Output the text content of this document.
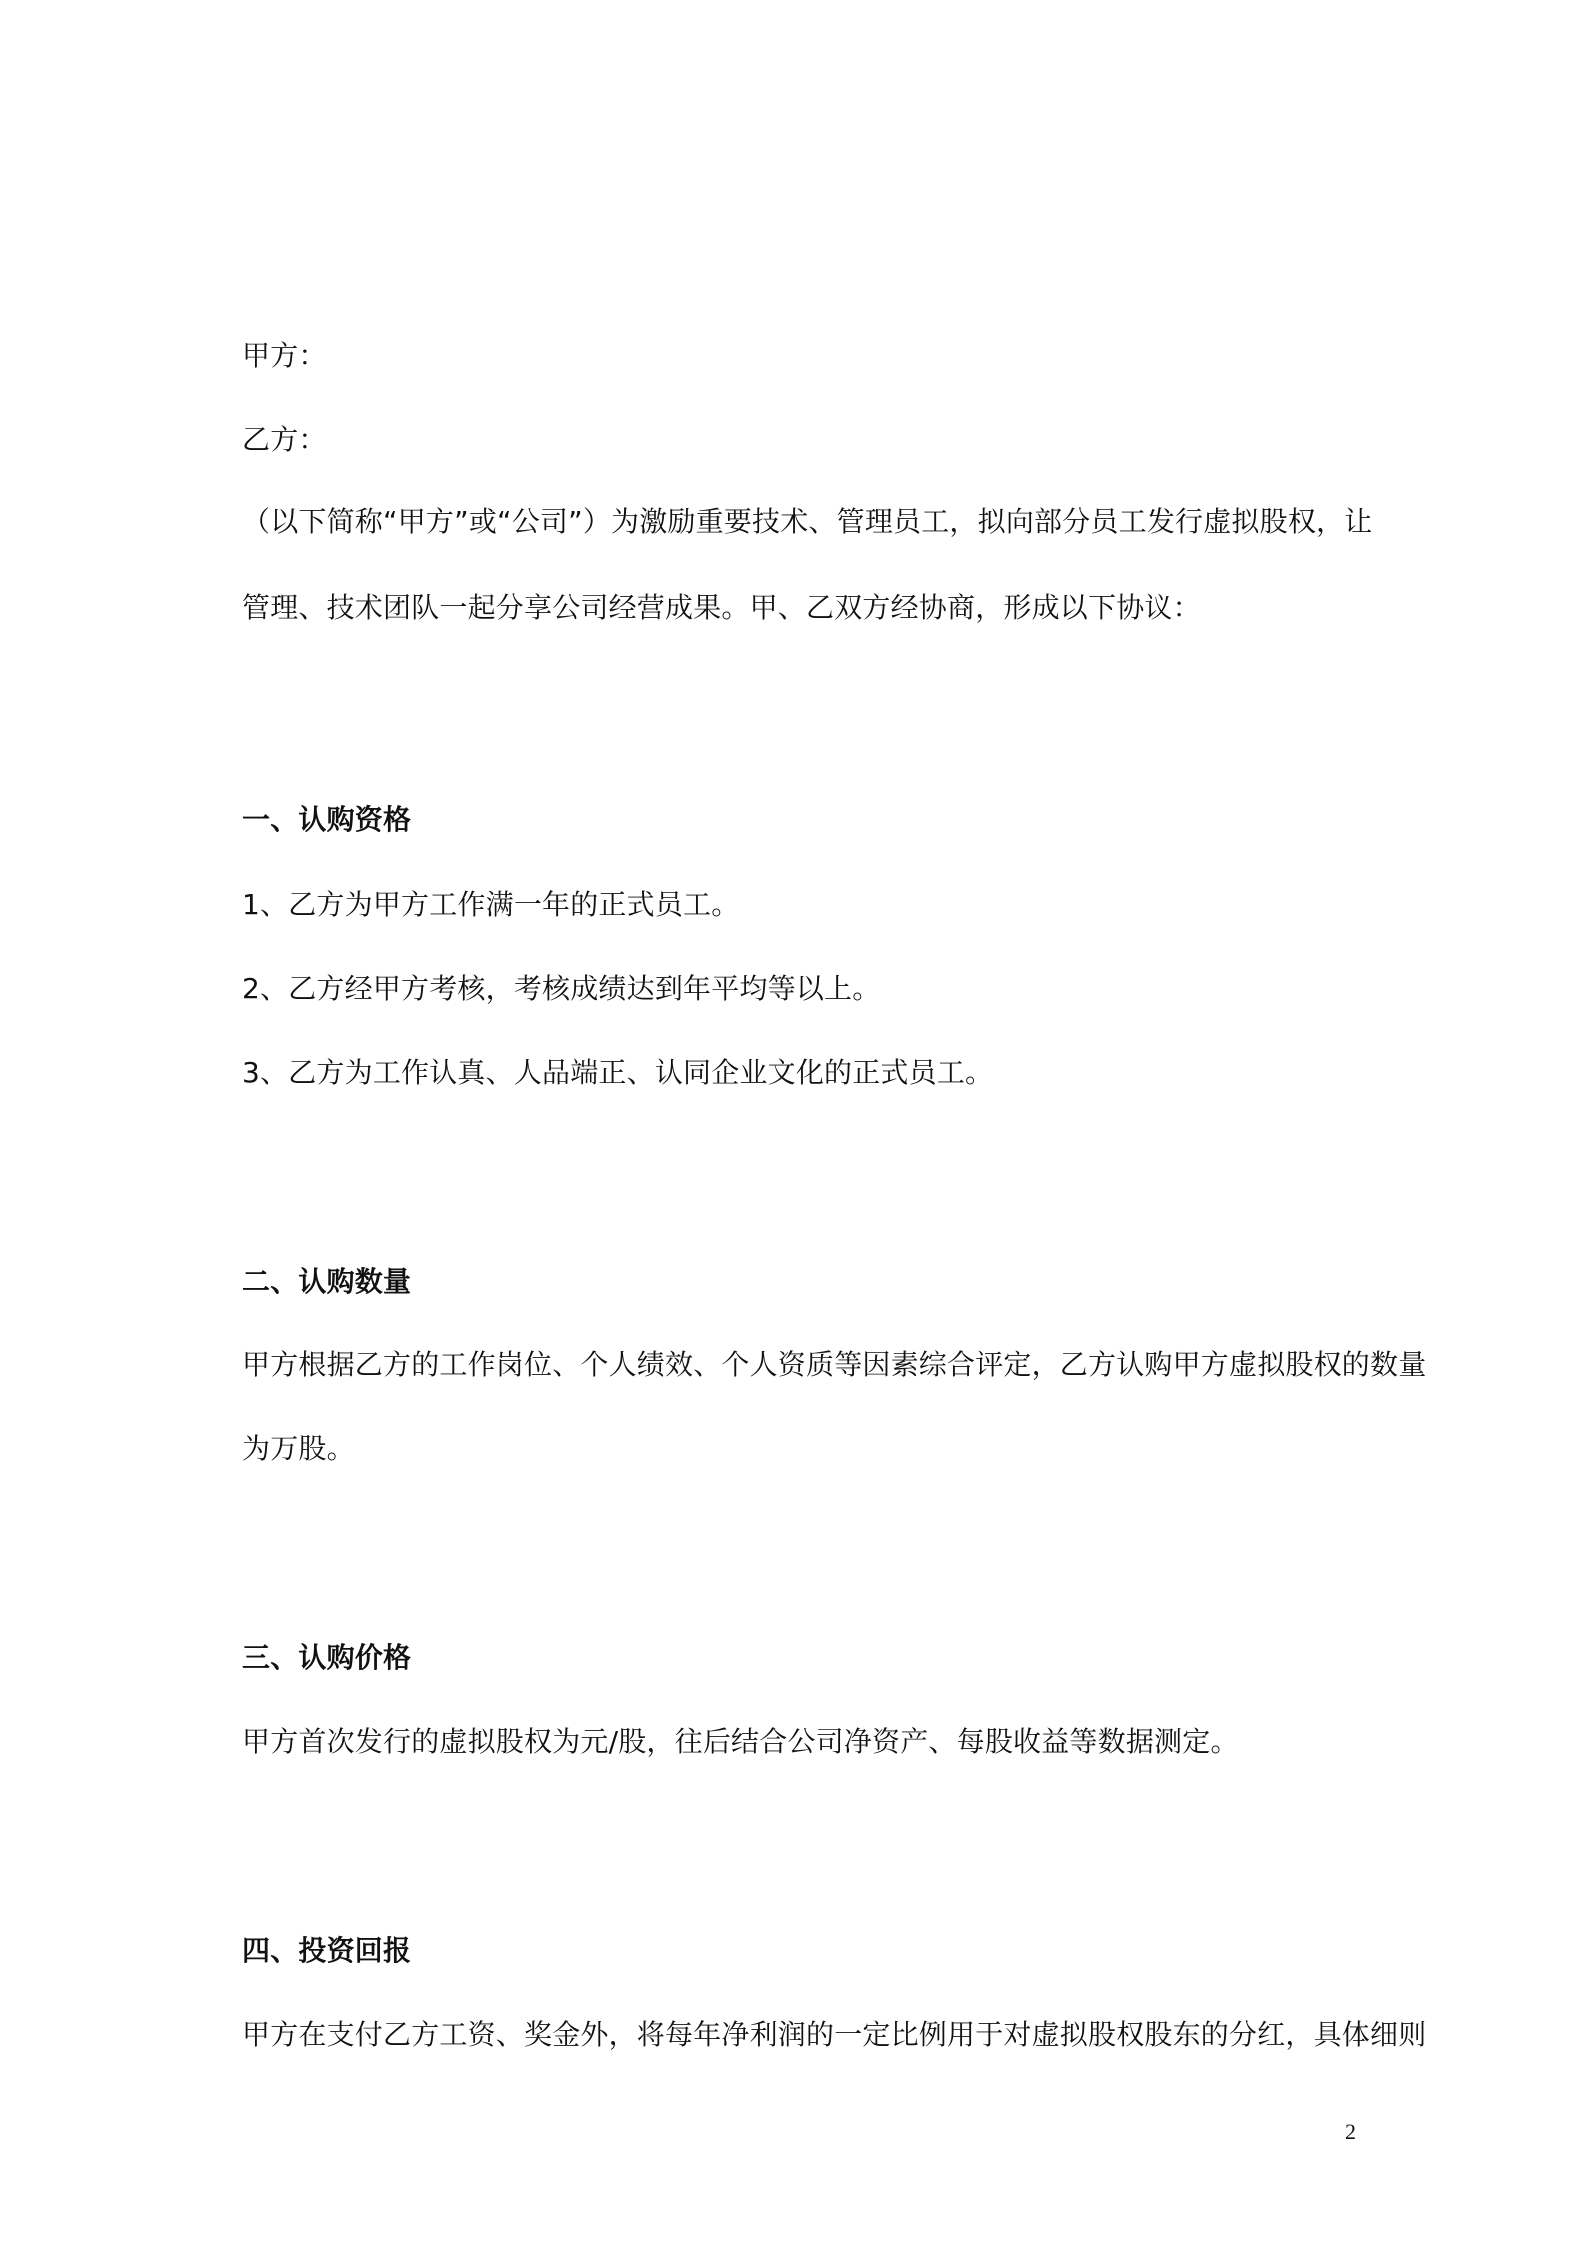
甲方：
乙方：
（以下简称“甲方”或“公司”）为激励重要技术、管理员工，拟向部分员工发行虚拟股权，让
管理、技术团队一起分享公司经营成果。甲、乙双方经协商，形成以下协议：
一、认购资格
1、乙方为甲方工作满一年的正式员工。
2、乙方经甲方考核，考核成绩达到年平均等以上。
3、乙方为工作认真、人品端正、认同企业文化的正式员工。
二、认购数量
甲方根据乙方的工作岗位、个人绩效、个人资质等因素综合评定，乙方认购甲方虚拟股权的数量
为万股。
三、认购价格
甲方首次发行的虚拟股权为元/股，往后结合公司净资产、每股收益等数据测定。
四、投资回报
甲方在支付乙方工资、奖金外，将每年净利润的一定比例用于对虚拟股权股东的分红，具体细则
2
